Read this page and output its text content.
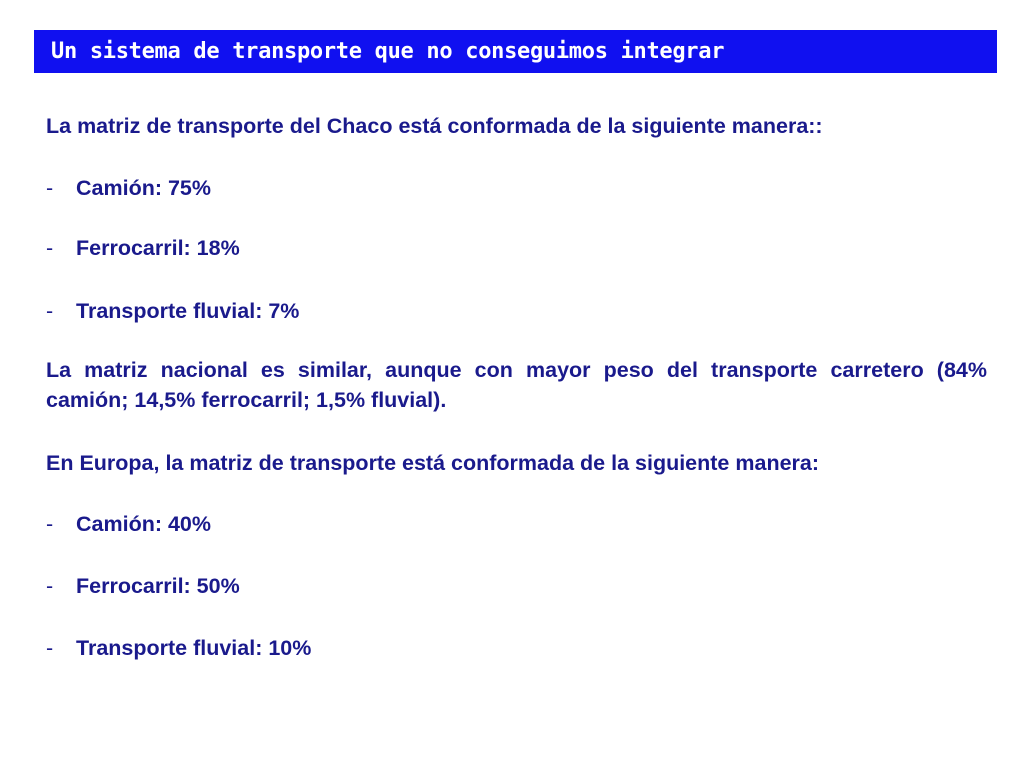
Un sistema de transporte que no conseguimos integrar

La matriz de transporte del Chaco está conformada de la siguiente manera::

- Camión: 75%
- Ferrocarril: 18%
- Transporte fluvial: 7%

La matriz nacional es similar, aunque con mayor peso del transporte carretero (84% camión; 14,5% ferrocarril; 1,5% fluvial).

En Europa, la matriz de transporte está conformada de la siguiente manera:

- Camión: 40%
- Ferrocarril: 50%
- Transporte fluvial: 10%
